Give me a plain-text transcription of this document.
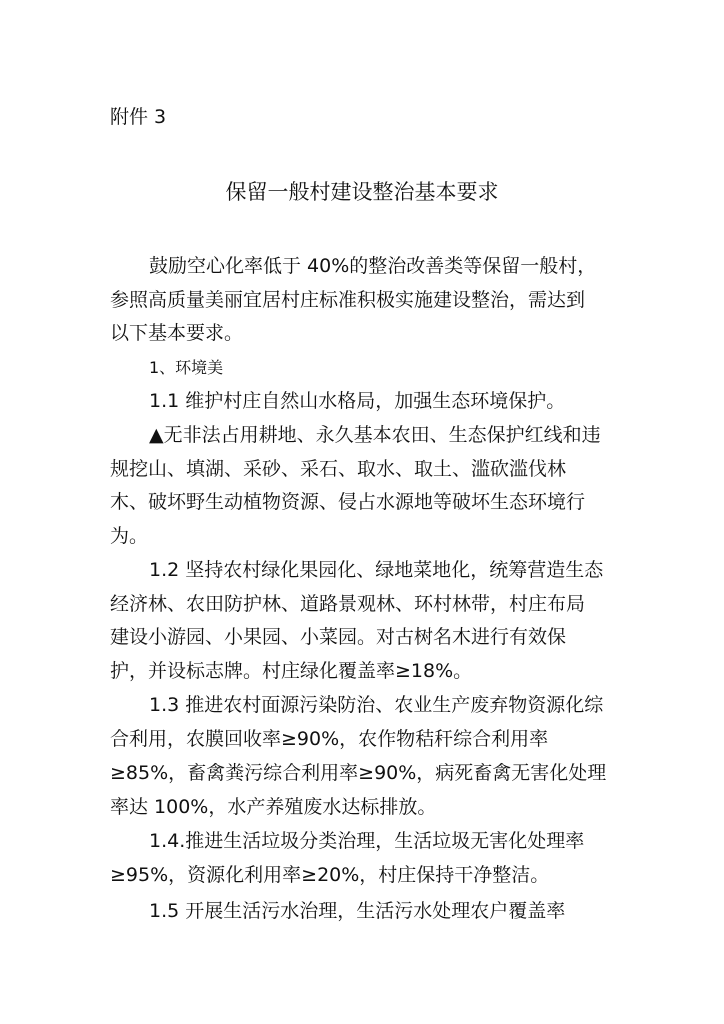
附件 3
保留一般村建设整治基本要求
鼓励空心化率低于 40%的整治改善类等保留一般村，
参照高质量美丽宜居村庄标准积极实施建设整治，需达到
以下基本要求。
1、环境美
1.1 维护村庄自然山水格局，加强生态环境保护。
▲无非法占用耕地、永久基本农田、生态保护红线和违
规挖山、填湖、采砂、采石、取水、取土、滥砍滥伐林
木、破坏野生动植物资源、侵占水源地等破坏生态环境行
为。
1.2 坚持农村绿化果园化、绿地菜地化，统筹营造生态
经济林、农田防护林、道路景观林、环村林带，村庄布局
建设小游园、小果园、小菜园。对古树名木进行有效保
护，并设标志牌。村庄绿化覆盖率≥18%。
1.3 推进农村面源污染防治、农业生产废弃物资源化综
合利用，农膜回收率≥90%，农作物秸秆综合利用率
≥85%，畜禽粪污综合利用率≥90%，病死畜禽无害化处理
率达 100%，水产养殖废水达标排放。
1.4.推进生活垃圾分类治理，生活垃圾无害化处理率
≥95%，资源化利用率≥20%，村庄保持干净整洁。
1.5 开展生活污水治理，生活污水处理农户覆盖率
